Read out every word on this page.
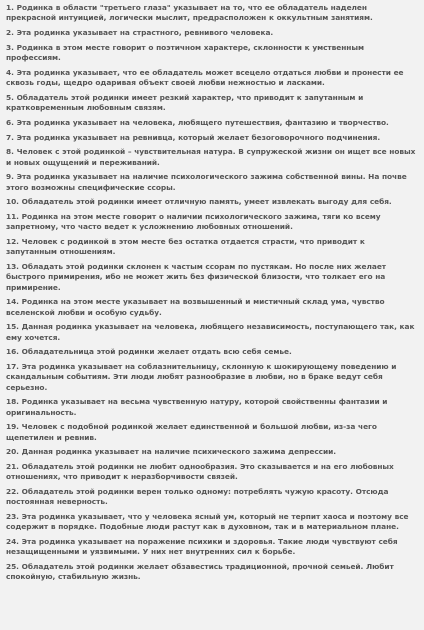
1. Родинка в области "третьего глаза" указывает на то, что ее обладатель наделен прекрасной интуицией, логически мыслит, предрасположен к оккультным занятиям.

2. Эта родинка указывает на страстного, ревнивого человека.

3. Родинка в этом месте говорит о поэтичном характере, склонности к умственным профессиям.

4. Эта родинка указывает, что ее обладатель может всецело отдаться любви и пронести ее сквозь годы, щедро одаривая объект своей любви нежностью и ласками.

5. Обладатель этой родинки имеет резкий характер, что приводит к запутанным и кратковременным любовным связям.

6. Эта родинка указывает на человека, любящего путешествия, фантазию и творчество.

7. Эта родинка указывает на ревнивца, который желает безоговорочного подчинения.

8. Человек с этой родинкой – чувствительная натура. В супружеской жизни он ищет все новых и новых ощущений и переживаний.

9. Эта родинка указывает на наличие психологического зажима собственной вины. На почве этого возможны специфические ссоры.

10. Обладатель этой родинки имеет отличную память, умеет извлекать выгоду для себя.

11. Родинка на этом месте говорит о наличии психологического зажима, тяги ко всему запретному, что часто ведет к усложнению любовных отношений.

12. Человек с родинкой в этом месте без остатка отдается страсти, что приводит к запутанным отношениям.

13. Обладать этой родинки склонен к частым ссорам по пустякам. Но после них желает быстрого примирения, ибо не может жить без физической близости, что толкает его на примирение.

14. Родинка на этом месте указывает на возвышенный и мистичный склад ума, чувство вселенской любви и особую судьбу.

15. Данная родинка указывает на человека, любящего независимость, поступающего так, как ему хочется.

16. Обладательница этой родинки желает отдать всю себя семье.

17. Эта родинка указывает на соблазнительницу, склонную к шокирующему поведению и скандальным событиям. Эти люди любят разнообразие в любви, но в браке ведут себя серьезно.

18. Родинка указывает на весьма чувственную натуру, которой свойственны фантазии и оригинальность.

19. Человек с подобной родинкой желает единственной и большой любви, из-за чего щепетилен и ревнив.

20. Данная родинка указывает на наличие психического зажима депрессии.

21. Обладатель этой родинки не любит однообразия. Это сказывается и на его любовных отношениях, что приводит к неразборчивости связей.

22. Обладатель этой родинки верен только одному: потреблять чужую красоту. Отсюда постоянная неверность.

23. Эта родинка указывает, что у человека ясный ум, который не терпит хаоса и поэтому все содержит в порядке. Подобные люди растут как в духовном, так и в материальном плане.

24. Эта родинка указывает на поражение психики и здоровья. Такие люди чувствуют себя незащищенными и уязвимыми. У них нет внутренних сил к борьбе.

25. Обладатель этой родинки желает обзавестись традиционной, прочной семьей. Любит спокойную, стабильную жизнь.
